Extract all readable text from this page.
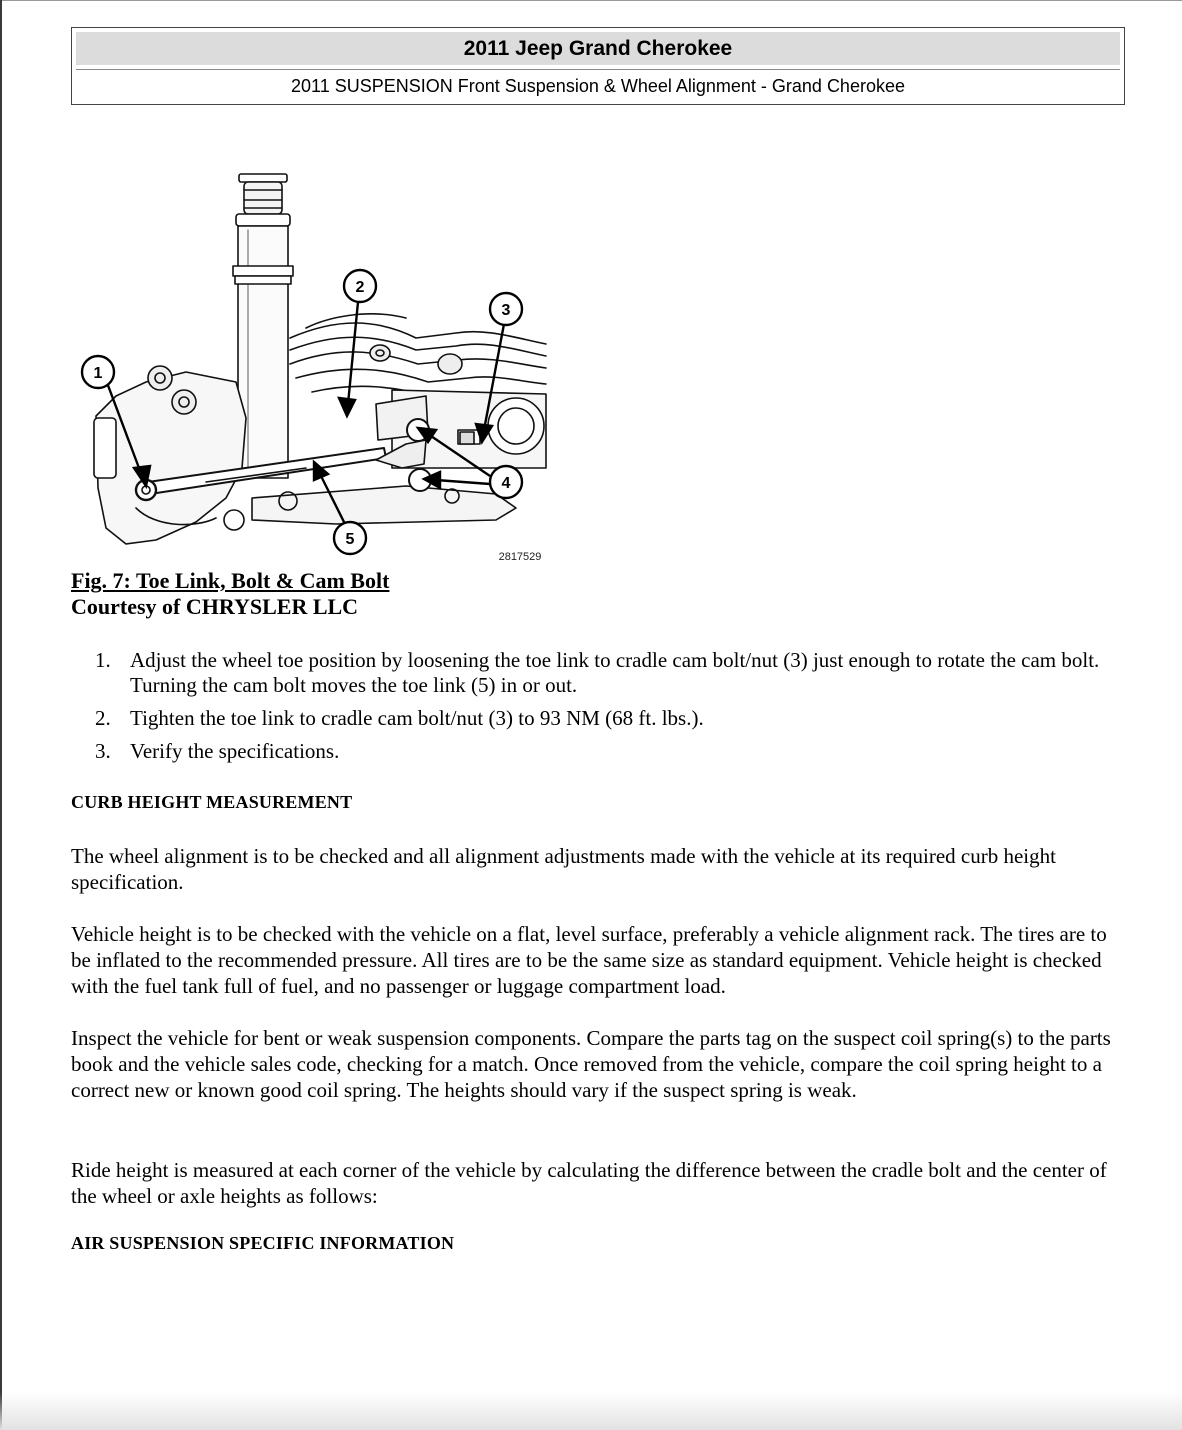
2011 Jeep Grand Cherokee
2011 SUSPENSION Front Suspension & Wheel Alignment - Grand Cherokee
1
2
3
4
5
2817529
Fig. 7: Toe Link, Bolt & Cam Bolt
Courtesy of CHRYSLER LLC
1. Adjust the wheel toe position by loosening the toe link to cradle cam bolt/nut (3) just enough to rotate the cam bolt. Turning the cam bolt moves the toe link (5) in or out.
2. Tighten the toe link to cradle cam bolt/nut (3) to 93 NM (68 ft. lbs.).
3. Verify the specifications.
CURB HEIGHT MEASUREMENT

The wheel alignment is to be checked and all alignment adjustments made with the vehicle at its required curb height specification.

Vehicle height is to be checked with the vehicle on a flat, level surface, preferably a vehicle alignment rack. The tires are to be inflated to the recommended pressure. All tires are to be the same size as standard equipment. Vehicle height is checked with the fuel tank full of fuel, and no passenger or luggage compartment load.

Inspect the vehicle for bent or weak suspension components. Compare the parts tag on the suspect coil spring(s) to the parts book and the vehicle sales code, checking for a match. Once removed from the vehicle, compare the coil spring height to a correct new or known good coil spring. The heights should vary if the suspect spring is weak.

Ride height is measured at each corner of the vehicle by calculating the difference between the cradle bolt and the center of the wheel or axle heights as follows:

AIR SUSPENSION SPECIFIC INFORMATION
